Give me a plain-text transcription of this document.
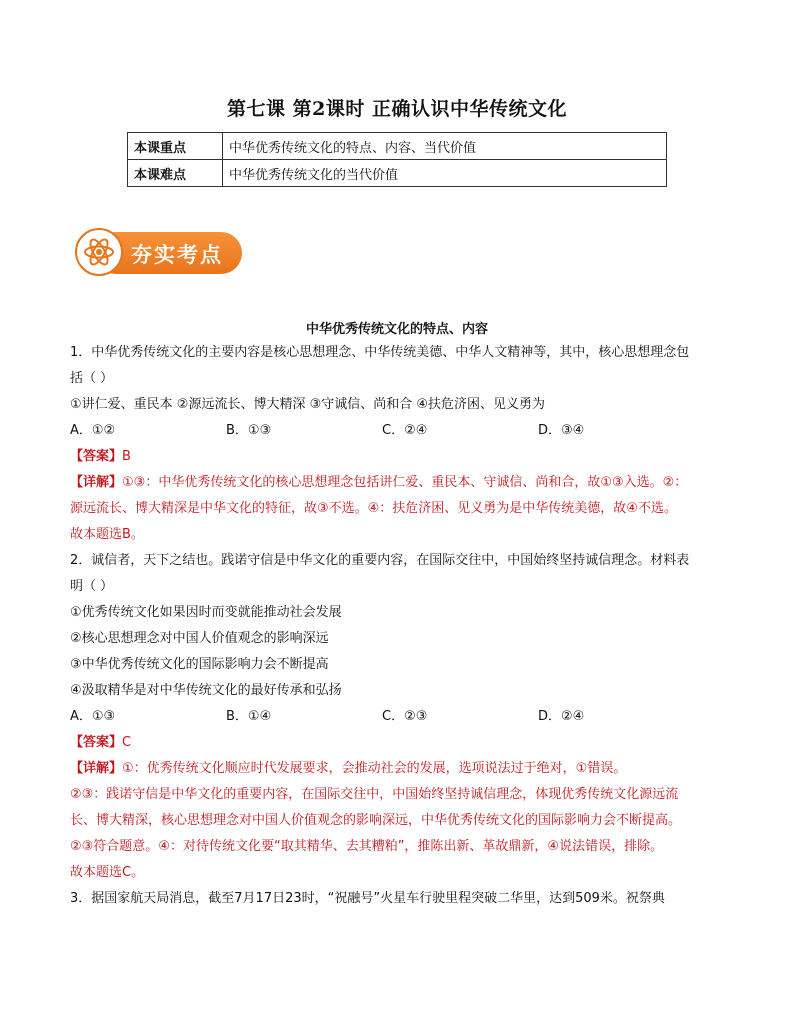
第七课 第2课时 正确认识中华传统文化
本课重点	中华优秀传统文化的特点、内容、当代价值
本课难点	中华优秀传统文化的当代价值
夯实考点
中华优秀传统文化的特点、内容

1．中华优秀传统文化的主要内容是核心思想理念、中华传统美德、中华人文精神等，其中，核心思想理念包

括（ ）

①讲仁爱、重民本 ②源远流长、博大精深 ③守诚信、尚和合 ④扶危济困、见义勇为

A．①②	B．①③	C．②④	D．③④

【答案】B

【详解】①③：中华优秀传统文化的核心思想理念包括讲仁爱、重民本、守诚信、尚和合，故①③入选。②：

源远流长、博大精深是中华文化的特征，故③不选。④：扶危济困、见义勇为是中华传统美德，故④不选。

故本题选B。

2．诚信者，天下之结也。践诺守信是中华文化的重要内容，在国际交往中，中国始终坚持诚信理念。材料表

明（ ）

①优秀传统文化如果因时而变就能推动社会发展

②核心思想理念对中国人价值观念的影响深远

③中华优秀传统文化的国际影响力会不断提高

④汲取精华是对中华传统文化的最好传承和弘扬

A．①③	B．①④	C．②③	D．②④

【答案】C

【详解】①：优秀传统文化顺应时代发展要求，会推动社会的发展，选项说法过于绝对，①错误。

②③：践诺守信是中华文化的重要内容，在国际交往中，中国始终坚持诚信理念，体现优秀传统文化源远流

长、博大精深，核心思想理念对中国人价值观念的影响深远，中华优秀传统文化的国际影响力会不断提高。

②③符合题意。④：对待传统文化要“取其精华、去其糟粕”，推陈出新、革故鼎新，④说法错误，排除。

故本题选C。

3．据国家航天局消息，截至7月17日23时，“祝融号”火星车行驶里程突破二华里，达到509米。祝祭典
